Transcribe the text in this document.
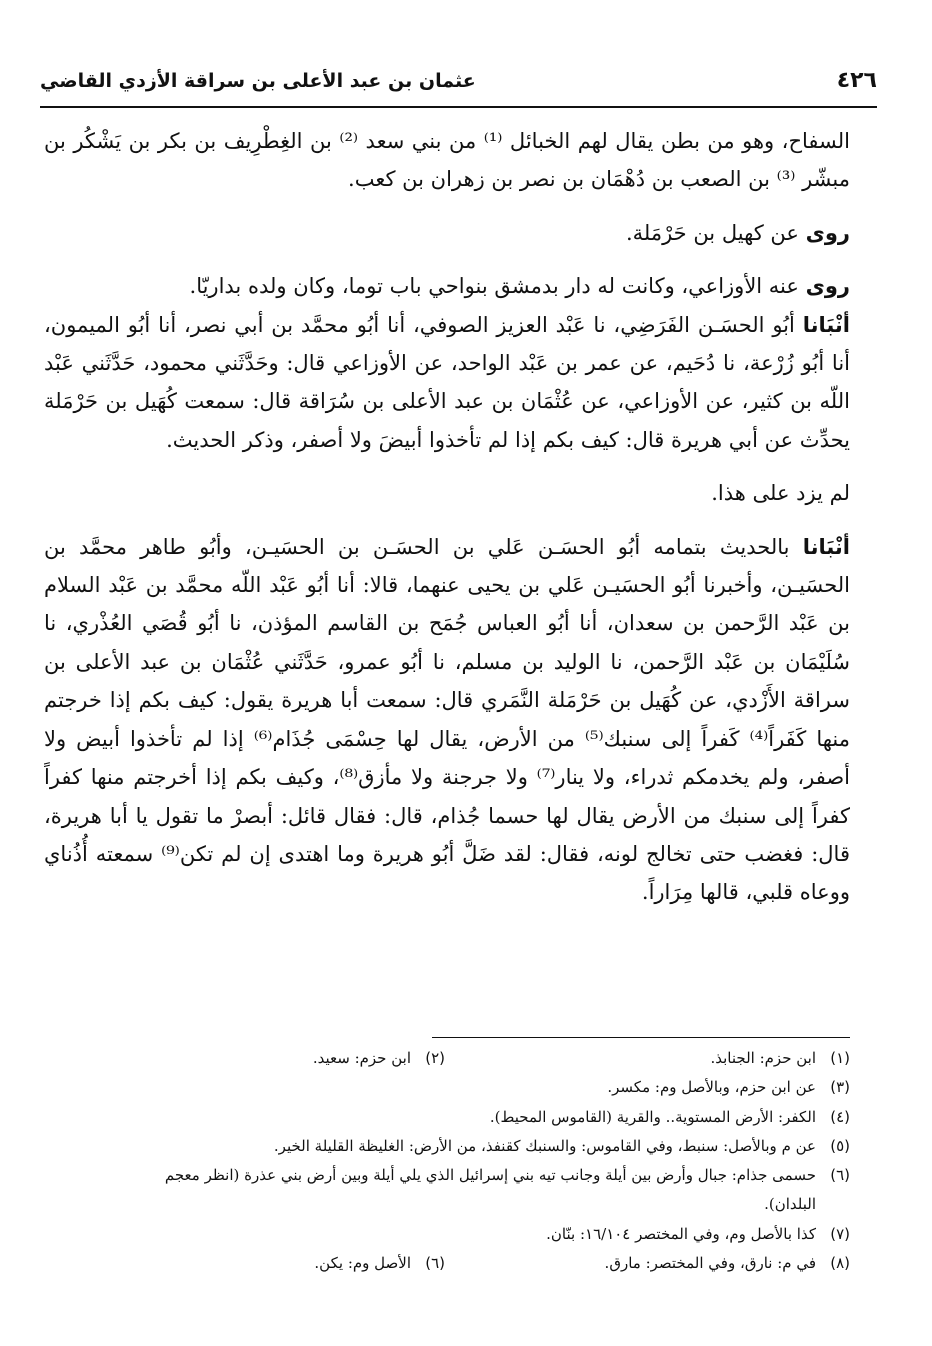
٤٢٦
عثمان بن عبد الأعلى بن سراقة الأزدي القاضي

السفاح، وهو من بطن يقال لهم الخبائل ⁽¹⁾ من بني سعد ⁽²⁾ بن الغِطْرِيف بن بكر بن يَشْكُر بن مبشّر ⁽³⁾ بن الصعب بن دُهْمَان بن نصر بن زهران بن كعب.

روى عن كهيل بن حَرْمَلة.

روى عنه الأوزاعي، وكانت له دار بدمشق بنواحي باب توما، وكان ولده بداريّا.

أنْبَانا أبُو الحسَـن الفَرَضِي، نا عَبْد العزيز الصوفي، أنا أبُو محمَّد بن أبي نصر، أنا أبُو الميمون، أنا أبُو زُرْعة، نا دُحَيم، عن عمر بن عَبْد الواحد، عن الأوزاعي قال: وحَدَّثَني محمود، حَدَّثَني عَبْد اللّه بن كثير، عن الأوزاعي، عن عُثْمَان بن عبد الأعلى بن سُرَاقة قال: سمعت كُهَيل بن حَرْمَلة يحدِّث عن أبي هريرة قال: كيف بكم إذا لم تأخذوا أبيضَ ولا أصفر، وذكر الحديث.

لم يزد على هذا.

أنْبَانا بالحديث بتمامه أبُو الحسَـن عَلي بن الحسَـن بن الحسَيـن، وأبُو طاهر محمَّد بن الحسَيـن، وأخبرنا أبُو الحسَيـن عَلي بن يحيى عنهما، قالا: أنا أبُو عَبْد اللّه محمَّد بن عَبْد السلام بن عَبْد الرَّحمن بن سعدان، أنا أبُو العباس جُمَح بن القاسم المؤذن، نا أبُو قُصَي العُذْري، نا سُلَيْمَان بن عَبْد الرَّحمن، نا الوليد بن مسلم، نا أبُو عمرو، حَدَّثَني عُثْمَان بن عبد الأعلى بن سراقة الأَزْدي، عن كُهَيل بن حَرْمَلة النَّمَري قال: سمعت أبا هريرة يقول: كيف بكم إذا خرجتم منها كَفَراً⁽⁴⁾ كَفراً إلى سنبك⁽⁵⁾ من الأرض، يقال لها حِسْمَى جُذَام⁽⁶⁾ إذا لم تأخذوا أبيض ولا أصفر، ولم يخدمكم ثدراء، ولا ينار⁽⁷⁾ ولا جرجنة ولا مأزق⁽⁸⁾، وكيف بكم إذا أخرجتم منها كفراً كفراً إلى سنبك من الأرض يقال لها حسما جُذام، قال: فقال قائل: أبصرْ ما تقول يا أبا هريرة، قال: فغضب حتى تخالج لونه، فقال: لقد ضَلَّ أبُو هريرة وما اهتدى إن لم تكن⁽⁹⁾ سمعته أُذُناي ووعاه قلبي، قالها مِرَاراً.

(١)ابن حزم: الجنابذ.
(٢)ابن حزم: سعيد.
(٣)عن ابن حزم، وبالأصل وم: مكسر.
(٤)الكفر: الأرض المستوية.. والقرية (القاموس المحيط).
(٥)عن م وبالأصل: سنبط، وفي القاموس: والسنبك كقنفذ، من الأرض: الغليظة القليلة الخير.
(٦)حسمى جذام: جبال وأرض بين أيلة وجانب تيه بني إسرائيل الذي يلي أيلة وبين أرض بني عذرة (انظر معجم
البلدان).
(٧)كذا بالأصل وم، وفي المختصر ١٦/١٠٤: بنّان.
(٨)في م: نارق، وفي المختصر: مارق.
(٦)الأصل وم: يكن.
